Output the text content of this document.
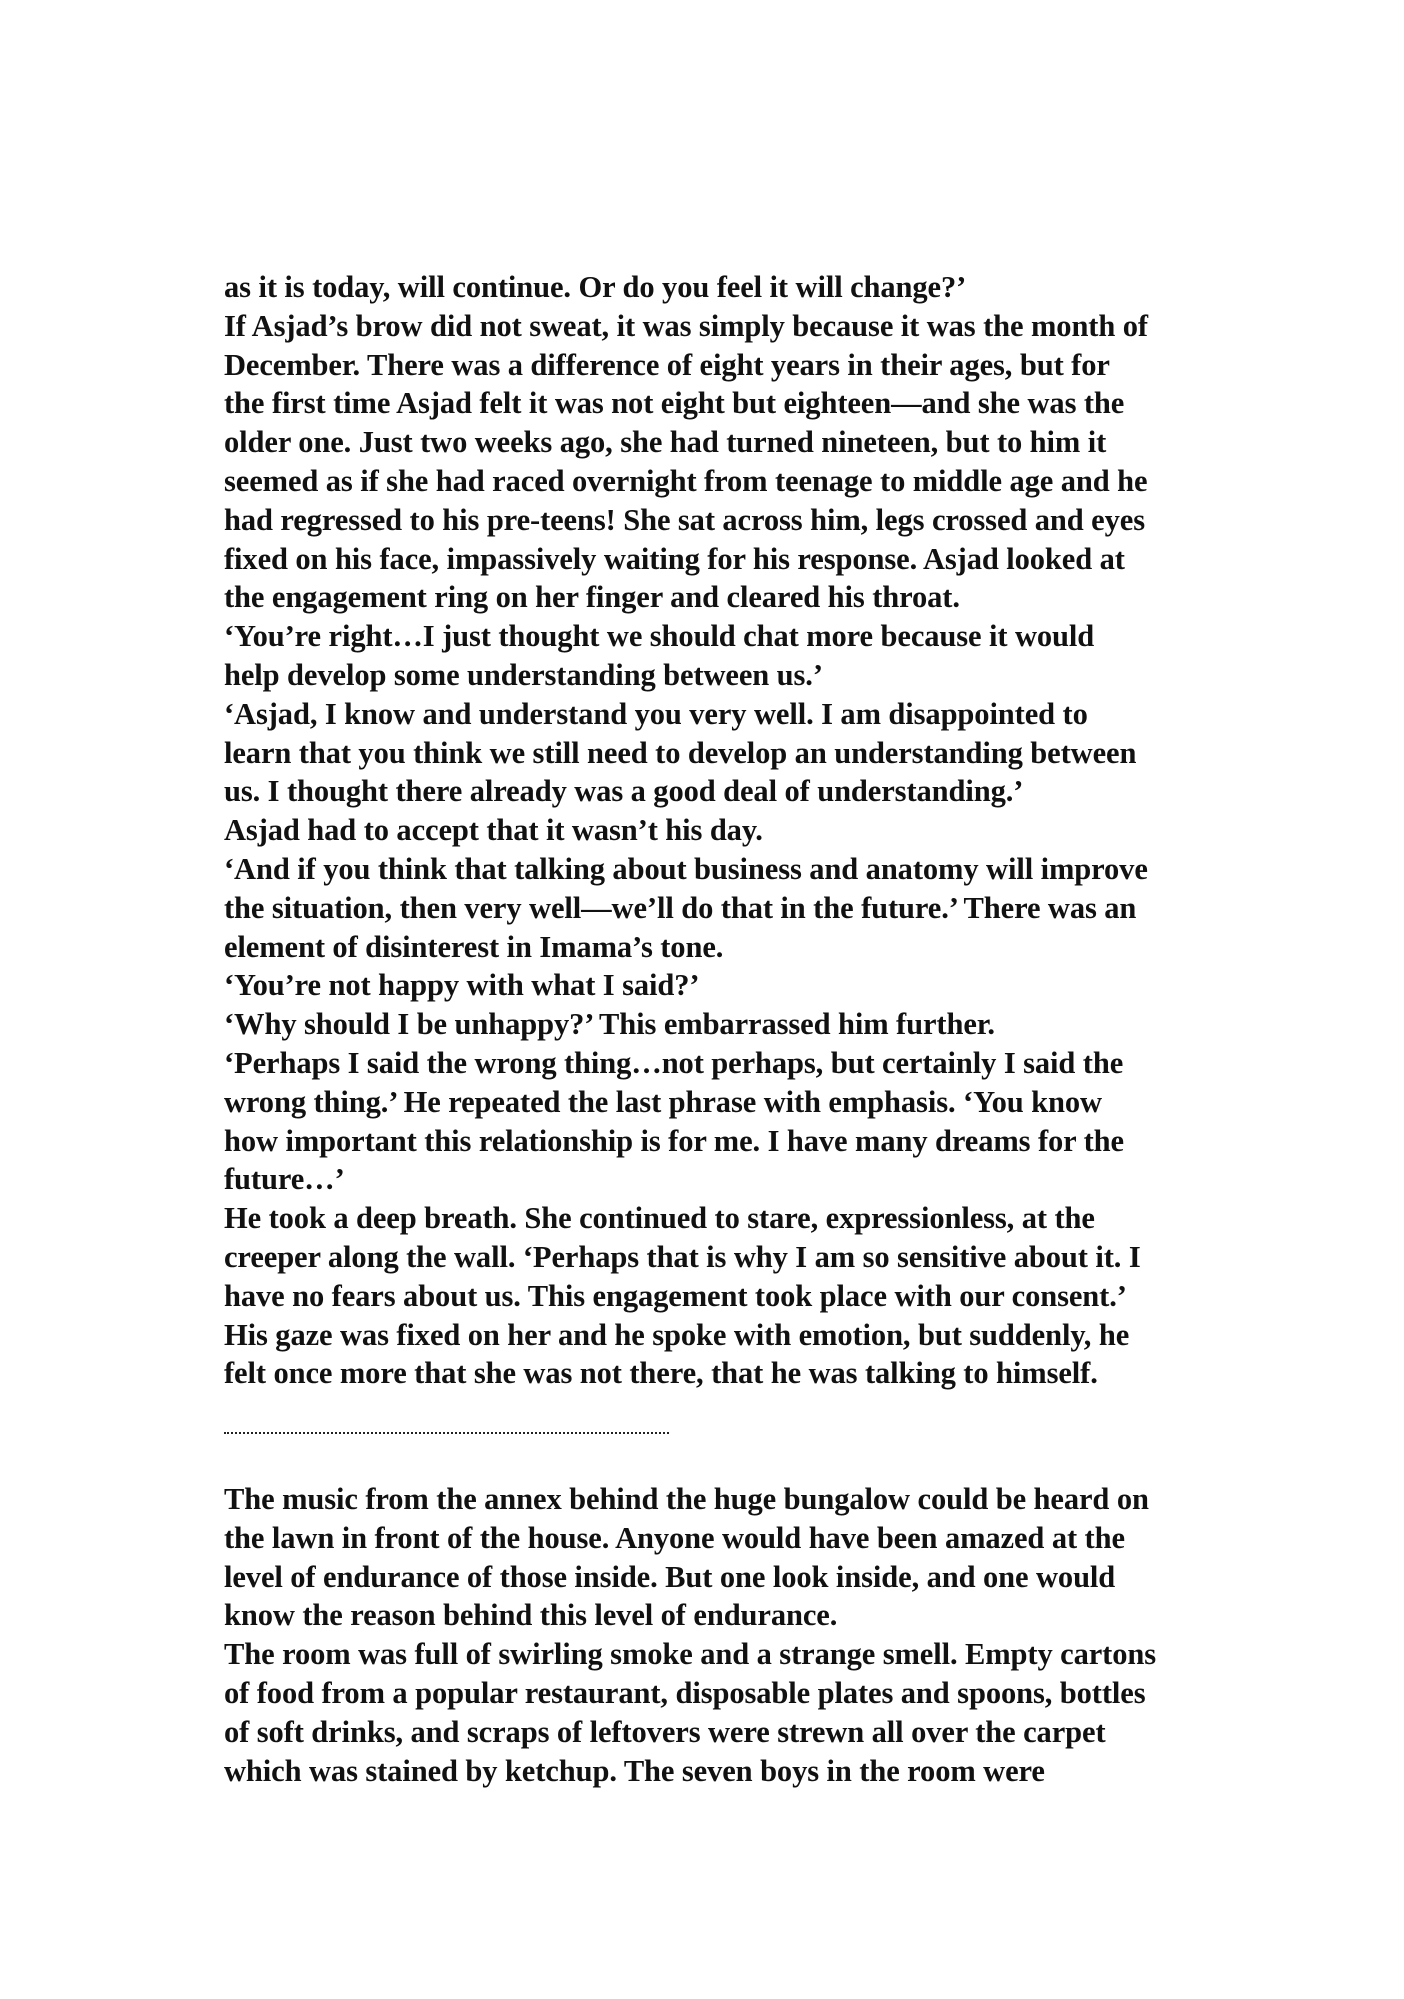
as it is today, will continue. Or do you feel it will change?’
If Asjad’s brow did not sweat, it was simply because it was the month of
December. There was a difference of eight years in their ages, but for
the first time Asjad felt it was not eight but eighteen—and she was the
older one. Just two weeks ago, she had turned nineteen, but to him it
seemed as if she had raced overnight from teenage to middle age and he
had regressed to his pre-teens! She sat across him, legs crossed and eyes
fixed on his face, impassively waiting for his response. Asjad looked at
the engagement ring on her finger and cleared his throat.
‘You’re right…I just thought we should chat more because it would
help develop some understanding between us.’
‘Asjad, I know and understand you very well. I am disappointed to
learn that you think we still need to develop an understanding between
us. I thought there already was a good deal of understanding.’
Asjad had to accept that it wasn’t his day.
‘And if you think that talking about business and anatomy will improve
the situation, then very well—we’ll do that in the future.’ There was an
element of disinterest in Imama’s tone.
‘You’re not happy with what I said?’
‘Why should I be unhappy?’ This embarrassed him further.
‘Perhaps I said the wrong thing…not perhaps, but certainly I said the
wrong thing.’ He repeated the last phrase with emphasis. ‘You know
how important this relationship is for me. I have many dreams for the
future…’
He took a deep breath. She continued to stare, expressionless, at the
creeper along the wall. ‘Perhaps that is why I am so sensitive about it. I
have no fears about us. This engagement took place with our consent.’
His gaze was fixed on her and he spoke with emotion, but suddenly, he
felt once more that she was not there, that he was talking to himself.
The music from the annex behind the huge bungalow could be heard on
the lawn in front of the house. Anyone would have been amazed at the
level of endurance of those inside. But one look inside, and one would
know the reason behind this level of endurance.
The room was full of swirling smoke and a strange smell. Empty cartons
of food from a popular restaurant, disposable plates and spoons, bottles
of soft drinks, and scraps of leftovers were strewn all over the carpet
which was stained by ketchup. The seven boys in the room were
